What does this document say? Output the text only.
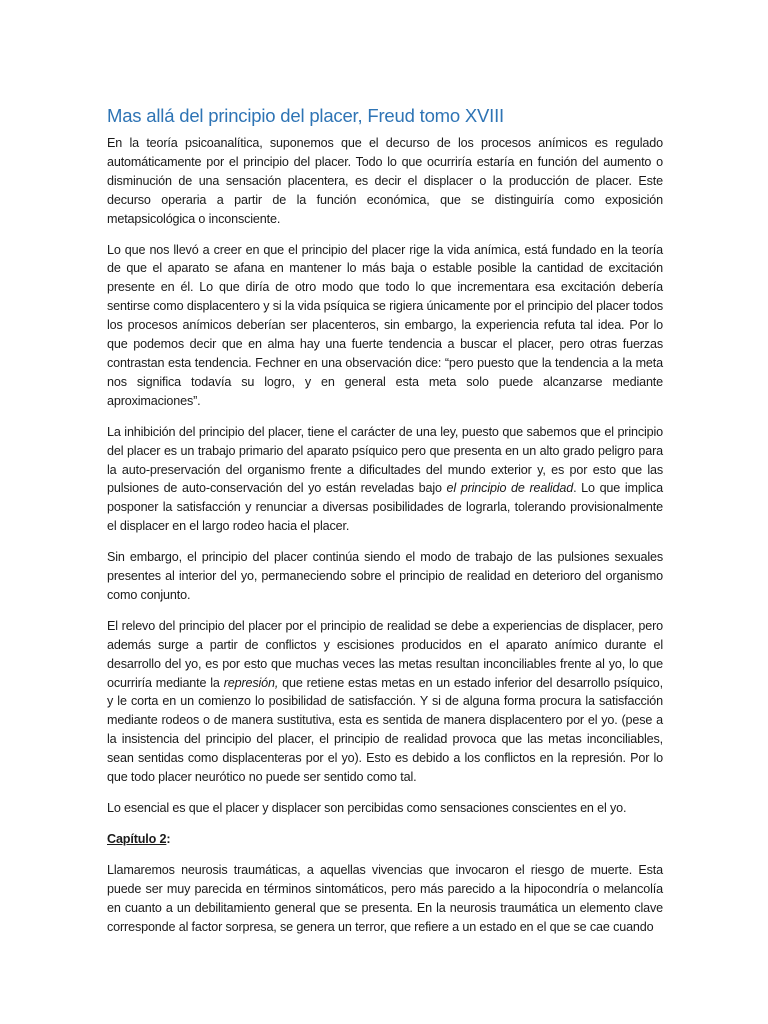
Mas allá del principio del placer, Freud tomo XVIII

En la teoría psicoanalítica, suponemos que el decurso de los procesos anímicos es regulado automáticamente por el principio del placer. Todo lo que ocurriría estaría en función del aumento o disminución de una sensación placentera, es decir el displacer o la producción de placer. Este decurso operaria a partir de la función económica, que se distinguiría como exposición metapsicológica o inconsciente.

Lo que nos llevó a creer en que el principio del placer rige la vida anímica, está fundado en la teoría de que el aparato se afana en mantener lo más baja o estable posible la cantidad de excitación presente en él. Lo que diría de otro modo que todo lo que incrementara esa excitación debería sentirse como displacentero y si la vida psíquica se rigiera únicamente por el principio del placer todos los procesos anímicos deberían ser placenteros, sin embargo, la experiencia refuta tal idea. Por lo que podemos decir que en alma hay una fuerte tendencia a buscar el placer, pero otras fuerzas contrastan esta tendencia. Fechner en una observación dice: “pero puesto que la tendencia a la meta nos significa todavía su logro, y en general esta meta solo puede alcanzarse mediante aproximaciones”.

La inhibición del principio del placer, tiene el carácter de una ley, puesto que sabemos que el principio del placer es un trabajo primario del aparato psíquico pero que presenta en un alto grado peligro para la auto-preservación del organismo frente a dificultades del mundo exterior y, es por esto que las pulsiones de auto-conservación del yo están reveladas bajo el principio de realidad. Lo que implica posponer la satisfacción y renunciar a diversas posibilidades de lograrla, tolerando provisionalmente el displacer en el largo rodeo hacia el placer.

Sin embargo, el principio del placer continúa siendo el modo de trabajo de las pulsiones sexuales presentes al interior del yo, permaneciendo sobre el principio de realidad en deterioro del organismo como conjunto.

El relevo del principio del placer por el principio de realidad se debe a experiencias de displacer, pero además surge a partir de conflictos y escisiones producidos en el aparato anímico durante el desarrollo del yo, es por esto que muchas veces las metas resultan inconciliables frente al yo, lo que ocurriría mediante la represión, que retiene estas metas en un estado inferior del desarrollo psíquico, y le corta en un comienzo lo posibilidad de satisfacción. Y si de alguna forma procura la satisfacción mediante rodeos o de manera sustitutiva, esta es sentida de manera displacentero por el yo. (pese a la insistencia del principio del placer, el principio de realidad provoca que las metas inconciliables, sean sentidas como displacenteras por el yo). Esto es debido a los conflictos en la represión. Por lo que todo placer neurótico no puede ser sentido como tal.

Lo esencial es que el placer y displacer son percibidas como sensaciones conscientes en el yo.

Capítulo 2:

Llamaremos neurosis traumáticas, a aquellas vivencias que invocaron el riesgo de muerte. Esta puede ser muy parecida en términos sintomáticos, pero más parecido a la hipocondría o melancolía en cuanto a un debilitamiento general que se presenta. En la neurosis traumática un elemento clave corresponde al factor sorpresa, se genera un terror, que refiere a un estado en el que se cae cuando
